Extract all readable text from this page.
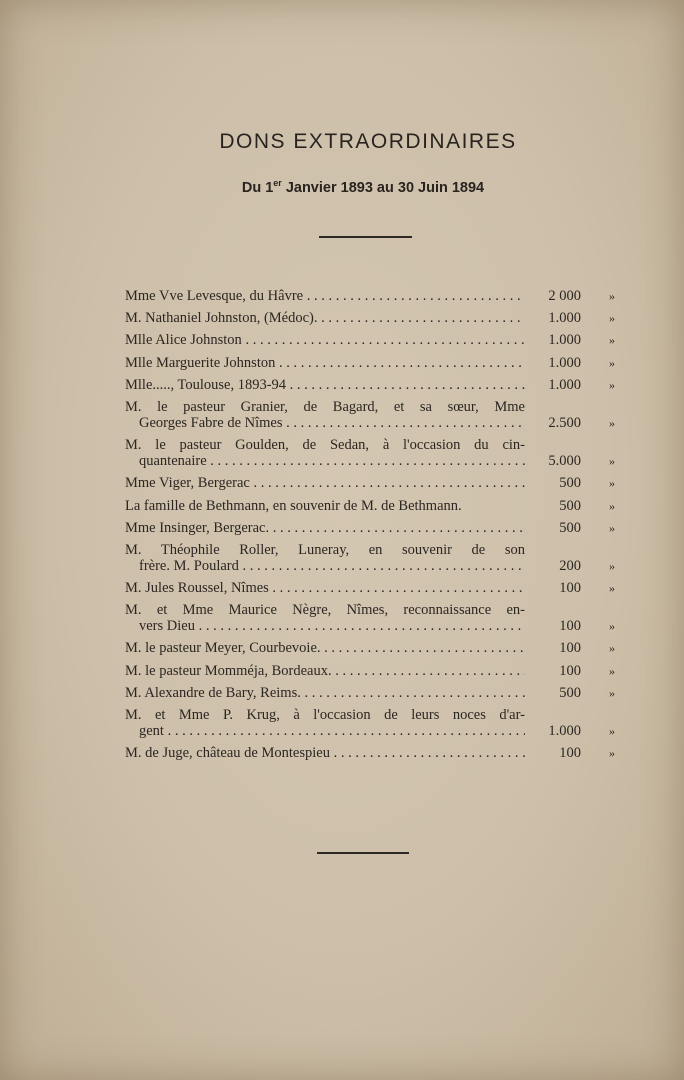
DONS EXTRAORDINAIRES
Du 1er Janvier 1893 au 30 Juin 1894
Mme Vve Levesque, du Hâvre . . .	2 000	»
M. Nathaniel Johnston, (Médoc). . . .	1.000	»
Mlle Alice Johnston . . .	1.000	»
Mlle Marguerite Johnston . . .	1.000	»
Mlle....., Toulouse, 1893-94 . . .	1.000	»
M. le pasteur Granier, de Bagard, et sa sœur, Mme
Georges Fabre de Nîmes . . .	2.500	»
M. le pasteur Goulden, de Sedan, à l'occasion du cin-
quantenaire . . .	5.000	»
Mme Viger, Bergerac . . .	500	»
La famille de Bethmann, en souvenir de M. de Bethmann.	500	»
Mme Insinger, Bergerac. . . .	500	»
M. Théophile Roller, Luneray, en souvenir de son
frère. M. Poulard . . .	200	»
M. Jules Roussel, Nîmes . . .	100	»
M. et Mme Maurice Nègre, Nîmes, reconnaissance en-
vers Dieu . . .	100	»
M. le pasteur Meyer, Courbevoie. . . .	100	»
M. le pasteur Momméja, Bordeaux. . . .	100	»
M. Alexandre de Bary, Reims. . . .	500	»
M. et Mme P. Krug, à l'occasion de leurs noces d'ar-
gent . . .	1.000	»
M. de Juge, château de Montespieu . . .	100	»
